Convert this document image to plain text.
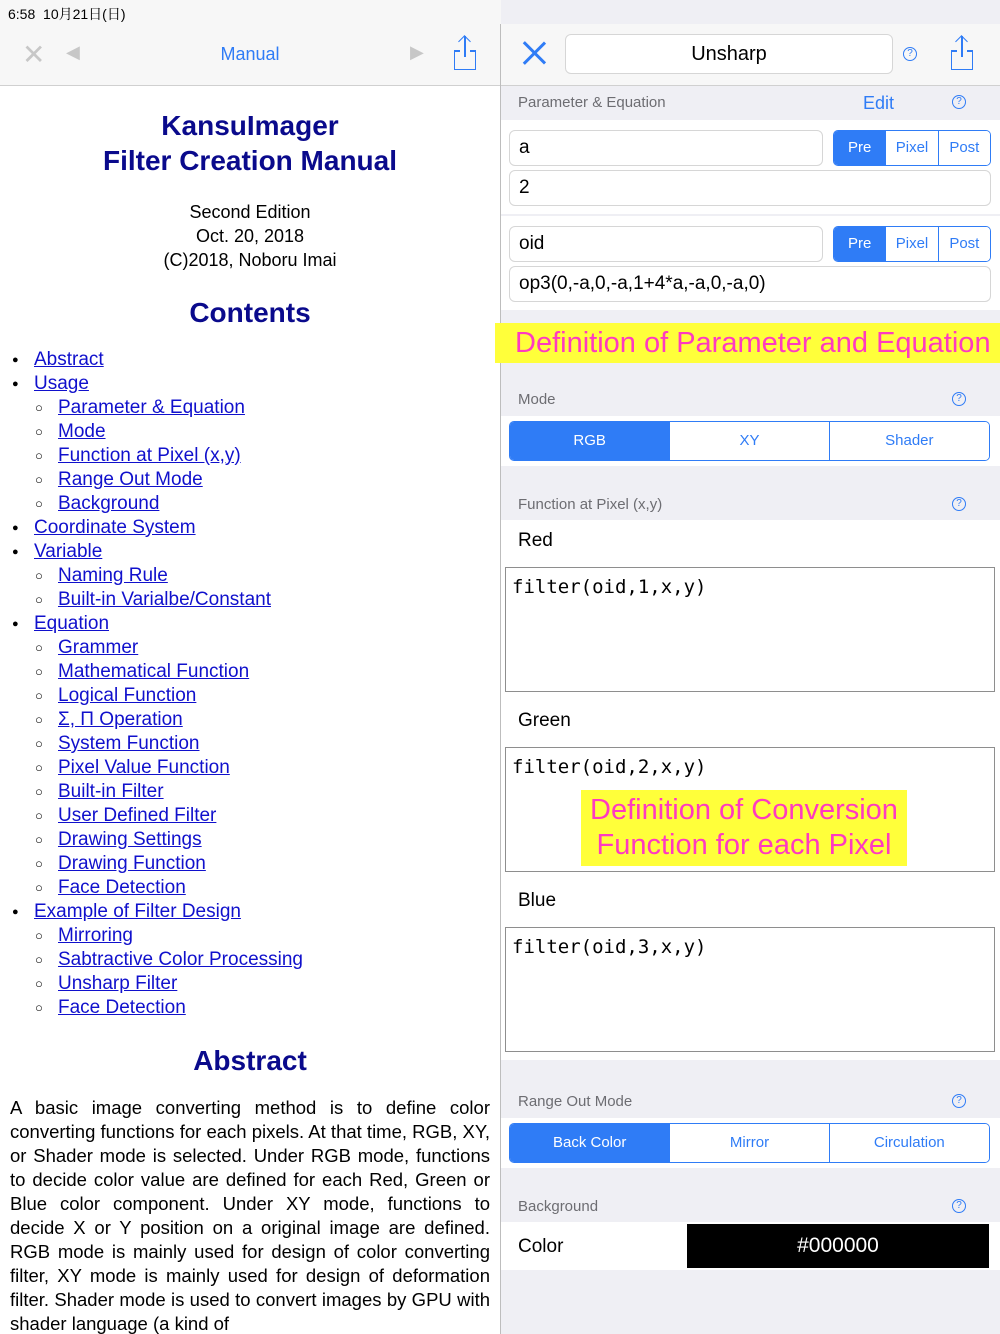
6:58 10月21日(日)
✕ ◀	Manual	▶
KansuImager
Filter Creation Manual
Second Edition
Oct. 20, 2018
(C)2018, Noboru Imai
Contents
● Abstract
● Usage
○ Parameter & Equation
○ Mode
○ Function at Pixel (x,y)
○ Range Out Mode
○ Background
● Coordinate System
● Variable
○ Naming Rule
○ Built-in Varialbe/Constant
● Equation
○ Grammer
○ Mathematical Function
○ Logical Function
○ Σ, Π Operation
○ System Function
○ Pixel Value Function
○ Built-in Filter
○ User Defined Filter
○ Drawing Settings
○ Drawing Function
○ Face Detection
● Example of Filter Design
○ Mirroring
○ Sabtractive Color Processing
○ Unsharp Filter
○ Face Detection
Abstract

A basic image converting method is to define color converting functions for each pixels. At that time, RGB, XY, or Shader mode is selected. Under RGB mode, functions to decide color value are defined for each Red, Green or Blue color component. Under XY mode, functions to decide X or Y position on a original image are defined. RGB mode is mainly used for design of color converting filter, XY mode is mainly used for design of deformation filter. Shader mode is used to convert images by GPU with shader language (a kind of

Unsharp	?
Parameter & Equation	Edit	?
a	Pre	Pixel	Post
2
oid	Pre	Pixel	Post
op3(0,-a,0,-a,1+4*a,-a,0,-a,0)
Definition of Parameter and Equation
Mode	?
RGB	XY	Shader
Function at Pixel (x,y)	?
Red
filter(oid,1,x,y)
Green
filter(oid,2,x,y)
Definition of Conversion
Function for each Pixel
Blue
filter(oid,3,x,y)
Range Out Mode	?
Back Color	Mirror	Circulation
Background	?
Color	#000000
